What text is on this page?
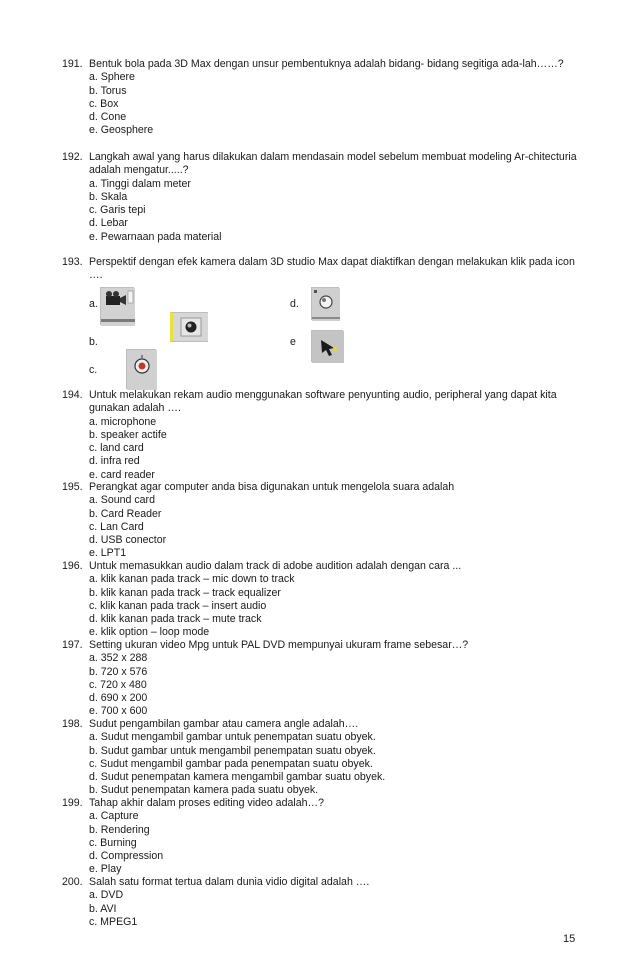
191. Bentuk bola pada 3D Max dengan unsur pembentuknya adalah bidang- bidang segitiga ada-lah……?
a. Sphere
b. Torus
c. Box
d. Cone
e. Geosphere
192. Langkah awal yang harus dilakukan dalam mendasain model sebelum membuat modeling Ar-chitecturia adalah mengatur.....?
a. Tinggi dalam meter
b. Skala
c. Garis tepi
d. Lebar
e. Pewarnaan pada material
193. Perspektif dengan efek kamera dalam 3D studio Max dapat diaktifkan dengan melakukan klik pada icon ….
a.	d.
b.	e
c.
194. Untuk melakukan rekam audio menggunakan software penyunting audio, peripheral yang dapat kita gunakan adalah ….
a. microphone
b. speaker actife
c. land card
d. infra red
e. card reader
195. Perangkat agar computer anda bisa digunakan untuk mengelola suara adalah
a. Sound card
b. Card Reader
c. Lan Card
d. USB conector
e. LPT1
196. Untuk memasukkan audio dalam track di adobe audition adalah dengan cara ...
a. klik kanan pada track – mic down to track
b. klik kanan pada track – track equalizer
c. klik kanan pada track – insert audio
d. klik kanan pada track – mute track
e. klik option – loop mode
197. Setting ukuran video Mpg untuk PAL DVD mempunyai ukuram frame sebesar…?
a. 352 x 288
b. 720 x 576
c. 720 x 480
d. 690 x 200
e. 700 x 600
198. Sudut pengambilan gambar atau camera angle adalah….
a. Sudut mengambil gambar untuk penempatan suatu obyek.
b. Sudut gambar untuk mengambil penempatan suatu obyek.
c. Sudut mengambil gambar pada penempatan suatu obyek.
d. Sudut penempatan kamera mengambil gambar suatu obyek.
b. Sudut penempatan kamera pada suatu obyek.
199. Tahap akhir dalam proses editing video adalah…?
a. Capture
b. Rendering
c. Burning
d. Compression
e. Play
200. Salah satu format tertua dalam dunia vidio digital adalah ….
a. DVD
b. AVI
c. MPEG1
15
